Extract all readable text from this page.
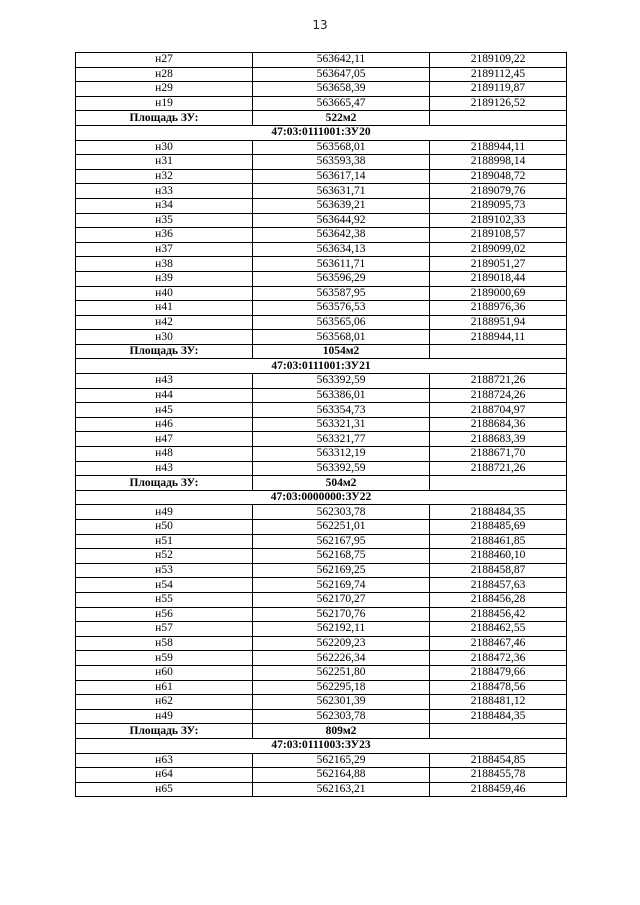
13
н27	563642,11	2189109,22
н28	563647,05	2189112,45
н29	563658,39	2189119,87
н19	563665,47	2189126,52
Площадь ЗУ:	522м2	
47:03:0111001:ЗУ20		
н30	563568,01	2188944,11
н31	563593,38	2188998,14
н32	563617,14	2189048,72
н33	563631,71	2189079,76
н34	563639,21	2189095,73
н35	563644,92	2189102,33
н36	563642,38	2189108,57
н37	563634,13	2189099,02
н38	563611,71	2189051,27
н39	563596,29	2189018,44
н40	563587,95	2189000,69
н41	563576,53	2188976,36
н42	563565,06	2188951,94
н30	563568,01	2188944,11
Площадь ЗУ:	1054м2	
47:03:0111001:ЗУ21		
н43	563392,59	2188721,26
н44	563386,01	2188724,26
н45	563354,73	2188704,97
н46	563321,31	2188684,36
н47	563321,77	2188683,39
н48	563312,19	2188671,70
н43	563392,59	2188721,26
Площадь ЗУ:	504м2	
47:03:0000000:ЗУ22		
н49	562303,78	2188484,35
н50	562251,01	2188485,69
н51	562167,95	2188461,85
н52	562168,75	2188460,10
н53	562169,25	2188458,87
н54	562169,74	2188457,63
н55	562170,27	2188456,28
н56	562170,76	2188456,42
н57	562192,11	2188462,55
н58	562209,23	2188467,46
н59	562226,34	2188472,36
н60	562251,80	2188479,66
н61	562295,18	2188478,56
н62	562301,39	2188481,12
н49	562303,78	2188484,35
Площадь ЗУ:	809м2	
47:03:0111003:ЗУ23		
н63	562165,29	2188454,85
н64	562164,88	2188455,78
н65	562163,21	2188459,46
